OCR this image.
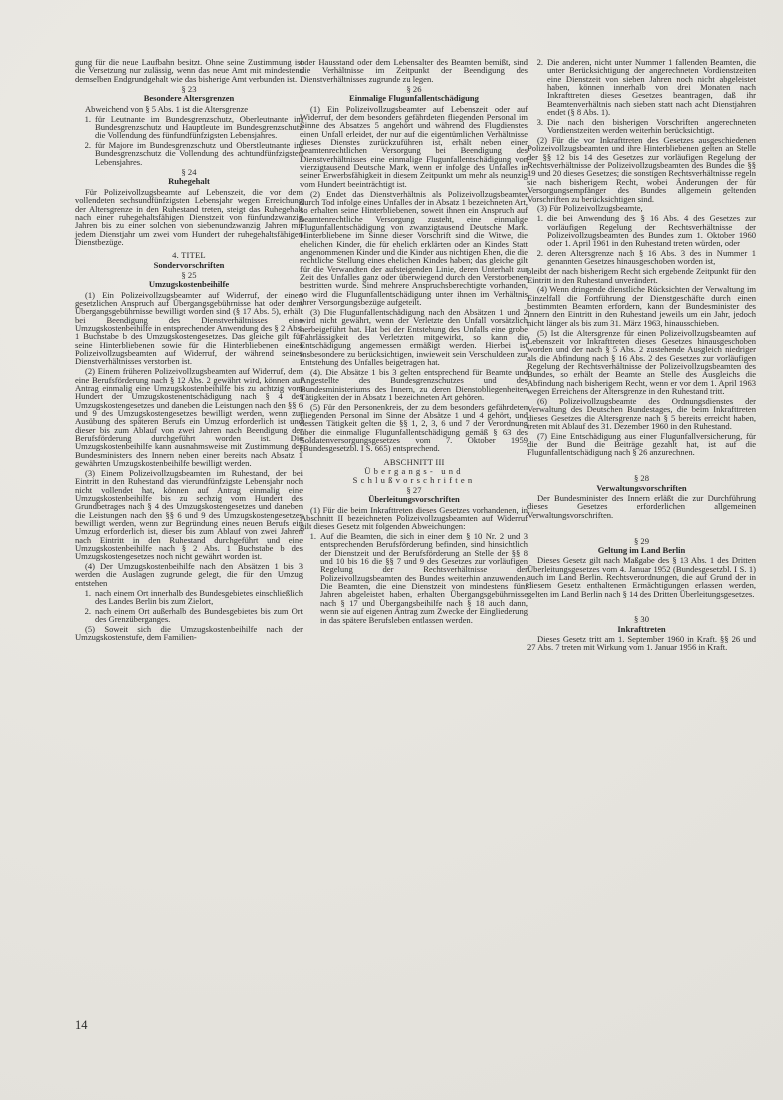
gung für die neue Laufbahn besitzt. Ohne seine Zustimmung ist die Versetzung nur zulässig, wenn das neue Amt mit mindestens demselben Endgrundgehalt wie das bisherige Amt verbunden ist.
§ 23
Besondere Altersgrenzen
Abweichend von § 5 Abs. 1 ist die Altersgrenze
1. für Leutnante im Bundesgrenzschutz, Oberleutnante im Bundesgrenzschutz und Hauptleute im Bundesgrenzschutz die Vollendung des fünfundfünfzigsten Lebensjahres.
2. für Majore im Bundesgrenzschutz und Oberstleutnante im Bundesgrenzschutz die Vollendung des achtundfünfzigsten Lebensjahres.
§ 24
Ruhegehalt
Für Polizeivollzugsbeamte auf Lebenszeit, die vor dem vollendeten sechsundfünfzigsten Lebensjahr wegen Erreichung der Altersgrenze in den Ruhestand treten, steigt das Ruhegehalt nach einer ruhegehaltsfähigen Dienstzeit von fünfundzwanzig Jahren bis zu einer solchen von siebenundzwanzig Jahren mit jedem Dienstjahr um zwei vom Hundert der ruhegehaltsfähigen Dienstbezüge.
4. TITEL
Sondervorschriften
§ 25
Umzugskostenbeihilfe
(1) Ein Polizeivollzugsbeamter auf Widerruf, der einen gesetzlichen Anspruch auf Übergangsgebührnisse hat oder dem Übergangsgebührnisse bewilligt worden sind (§ 17 Abs. 5), erhält bei Beendigung des Dienstverhältnisses eine Umzugskostenbeihilfe in entsprechender Anwendung des § 2 Abs. 1 Buchstabe b des Umzugskostengesetzes. Das gleiche gilt für seine Hinterbliebenen sowie für die Hinterbliebenen eines Polizeivollzugsbeamten auf Widerruf, der während seines Dienstverhältnisses verstorben ist.
(2) Einem früheren Polizeivollzugsbeamten auf Widerruf, dem eine Berufsförderung nach § 12 Abs. 2 gewährt wird, können auf Antrag einmalig eine Umzugskostenbeihilfe bis zu achtzig vom Hundert der Umzugskostenentschädigung nach § 4 des Umzugskostengesetzes und daneben die Leistungen nach den §§ 6 und 9 des Umzugskostengesetzes bewilligt werden, wenn zur Ausübung des späteren Berufs ein Umzug erforderlich ist und dieser bis zum Ablauf von zwei Jahren nach Beendigung der Berufsförderung durchgeführt worden ist. Die Umzugskostenbeihilfe kann ausnahmsweise mit Zustimmung des Bundesministers des Innern neben einer bereits nach Absatz 1 gewährten Umzugskostenbeihilfe bewilligt werden.
(3) Einem Polizeivollzugsbeamten im Ruhestand, der bei Eintritt in den Ruhestand das vierundfünfzigste Lebensjahr noch nicht vollendet hat, können auf Antrag einmalig eine Umzugskostenbeihilfe bis zu sechzig vom Hundert des Grundbetrages nach § 4 des Umzugskostengesetzes und daneben die Leistungen nach den §§ 6 und 9 des Umzugskostengesetzes bewilligt werden, wenn zur Begründung eines neuen Berufs ein Umzug erforderlich ist, dieser bis zum Ablauf von zwei Jahren nach Eintritt in den Ruhestand durchgeführt und eine Umzugskostenbeihilfe nach § 2 Abs. 1 Buchstabe b des Umzugskostengesetzes noch nicht gewährt worden ist.
(4) Der Umzugskostenbeihilfe nach den Absätzen 1 bis 3 werden die Auslagen zugrunde gelegt, die für den Umzug entstehen
1. nach einem Ort innerhalb des Bundesgebietes einschließlich des Landes Berlin bis zum Zielort,
2. nach einem Ort außerhalb des Bundesgebietes bis zum Ort des Grenzüberganges.
(5) Soweit sich die Umzugskostenbeihilfe nach der Umzugskostenstufe, dem Familien-
oder Hausstand oder dem Lebensalter des Beamten bemißt, sind die Verhältnisse im Zeitpunkt der Beendigung des Dienstverhältnisses zugrunde zu legen.
§ 26
Einmalige Flugunfallentschädigung
(1) Ein Polizeivollzugsbeamter auf Lebenszeit oder auf Widerruf, der dem besonders gefährdeten fliegenden Personal im Sinne des Absatzes 5 angehört und während des Flugdienstes einen Unfall erleidet, der nur auf die eigentümlichen Verhältnisse dieses Dienstes zurückzuführen ist, erhält neben einer beamtenrechtlichen Versorgung bei Beendigung des Dienstverhältnisses eine einmalige Flugunfallentschädigung von vierzigtausend Deutsche Mark, wenn er infolge des Unfalles in seiner Erwerbsfähigkeit in diesem Zeitpunkt um mehr als neunzig vom Hundert beeinträchtigt ist.
(2) Endet das Dienstverhältnis als Polizeivollzugsbeamter durch Tod infolge eines Unfalles der in Absatz 1 bezeichneten Art, so erhalten seine Hinterbliebenen, soweit ihnen ein Anspruch auf beamtenrechtliche Versorgung zusteht, eine einmalige Flugunfallentschädigung von zwanzigtausend Deutsche Mark. Hinterbliebene im Sinne dieser Vorschrift sind die Witwe, die ehelichen Kinder, die für ehelich erklärten oder an Kindes Statt angenommenen Kinder und die Kinder aus nichtigen Ehen, die die rechtliche Stellung eines ehelichen Kindes haben; das gleiche gilt für die Verwandten der aufsteigenden Linie, deren Unterhalt zur Zeit des Unfalles ganz oder überwiegend durch den Verstorbenen bestritten wurde. Sind mehrere Anspruchsberechtigte vorhanden, so wird die Flugunfallentschädigung unter ihnen im Verhältnis ihrer Versorgungsbezüge aufgeteilt.
(3) Die Flugunfallentschädigung nach den Absätzen 1 und 2 wird nicht gewährt, wenn der Verletzte den Unfall vorsätzlich herbeigeführt hat. Hat bei der Entstehung des Unfalls eine grobe Fahrlässigkeit des Verletzten mitgewirkt, so kann die Entschädigung angemessen ermäßigt werden. Hierbei ist insbesondere zu berücksichtigen, inwieweit sein Verschuldeen zur Entstehung des Unfalles beigetragen hat.
(4). Die Absätze 1 bis 3 gelten entsprechend für Beamte und Angestellte des Bundesgrenzschutzes und des Bundesministeriums des Innern, zu deren Dienstobliegenheiten Tätigkeiten der in Absatz 1 bezeichneten Art gehören.
(5) Für den Personenkreis, der zu dem besonders gefährdeten fliegenden Personal im Sinne der Absätze 1 und 4 gehört, und dessen Tätigkeit gelten die §§ 1, 2, 3, 6 und 7 der Verordnung über die einmalige Flugunfallentschädigung gemäß § 63 des Soldatenversorgungsgesetzes vom 7. Oktober 1959 (Bundesgesetzbl. I S. 665) entsprechend.
ABSCHNITT III
Übergangs- und
Schlußvorschriften
§ 27
Überleitungsvorschriften
(1) Für die beim Inkrafttreten dieses Gesetzes vorhandenen, in Abschnitt II bezeichneten Polizeivollzugsbeamten auf Widerruf gilt dieses Gesetz mit folgenden Abweichungen:
1. Auf die Beamten, die sich in einer dem § 10 Nr. 2 und 3 entsprechenden Berufsförderung befinden, sind hinsichtlich der Dienstzeit und der Berufsförderung an Stelle der §§ 8 und 10 bis 16 die §§ 7 und 9 des Gesetzes zur vorläufigen Regelung der Rechtsverhältnisse der Polizeivollzugsbeamten des Bundes weiterhin anzuwenden. Die Beamten, die eine Dienstzeit von mindestens fünf Jahren abgeleistet haben, erhalten Übergangsgebührnisse nach § 17 und Übergangsbeihilfe nach § 18 auch dann, wenn sie auf eigenen Antrag zum Zwecke der Eingliederung in das spätere Berufsleben entlassen werden.
2. Die anderen, nicht unter Nummer 1 fallenden Beamten, die unter Berücksichtigung der angerechneten Vordienstzeiten eine Dienstzeit von sieben Jahren noch nicht abgeleistet haben, können innerhalb von drei Monaten nach Inkrafttreten dieses Gesetzes beantragen, daß ihr Beamtenverhältnis nach sieben statt nach acht Dienstjahren endet (§ 8 Abs. 1).
3. Die nach den bisherigen Vorschriften angerechneten Vordienstzeiten werden weiterhin berücksichtigt.
(2) Für die vor Inkrafttreten des Gesetzes ausgeschiedenen Polizeivollzugsbeamten und ihre Hinterbliebenen gelten an Stelle der §§ 12 bis 14 des Gesetzes zur vorläufigen Regelung der Rechtsverhältnisse der Polizeivollzugsbeamten des Bundes die §§ 19 und 20 dieses Gesetzes; die sonstigen Rechtsverhältnisse regeln sie nach bisherigem Recht, wobei Änderungen der für Versorgungsempfänger des Bundes allgemein geltenden Vorschriften zu berücksichtigen sind.
(3) Für Polizeivollzugsbeamte,
1. die bei Anwendung des § 16 Abs. 4 des Gesetzes zur vorläufigen Regelung der Rechtsverhältnisse der Polizeivollzugsbeamten des Bundes zum 1. Oktober 1960 oder 1. April 1961 in den Ruhestand treten würden, oder
2. deren Altersgrenze nach § 16 Abs. 3 des in Nummer 1 genannten Gesetzes hinausgeschoben worden ist,
bleibt der nach bisherigem Recht sich ergebende Zeitpunkt für den Eintritt in den Ruhestand unverändert.
(4) Wenn dringende dienstliche Rücksichten der Verwaltung im Einzelfall die Fortführung der Dienstgeschäfte durch einen bestimmten Beamten erfordern, kann der Bundesminister des Innern den Eintritt in den Ruhestand jeweils um ein Jahr, jedoch nicht länger als bis zum 31. März 1963, hinausschieben.
(5) Ist die Altersgrenze für einen Polizeivollzugsbeamten auf Lebenszeit vor Inkrafttreten dieses Gesetzes hinausgeschoben worden und der nach § 5 Abs. 2 zustehende Ausgleich niedriger als die Abfindung nach § 16 Abs. 2 des Gesetzes zur vorläufigen Regelung der Rechtsverhältnisse der Polizeivollzugsbeamten des Bundes, so erhält der Beamte an Stelle des Ausgleichs die Abfindung nach bisherigem Recht, wenn er vor dem 1. April 1963 wegen Erreichens der Altersgrenze in den Ruhestand tritt.
(6) Polizeivollzugsbeamte des Ordnungsdienstes der Verwaltung des Deutschen Bundestages, die beim Inkrafttreten dieses Gesetzes die Altersgrenze nach § 5 bereits erreicht haben, treten mit Ablauf des 31. Dezember 1960 in den Ruhestand.
(7) Eine Entschädigung aus einer Flugunfallversicherung, für die der Bund die Beiträge gezahlt hat, ist auf die Flugunfallentschädigung nach § 26 anzurechnen.
§ 28
Verwaltungsvorschriften
Der Bundesminister des Innern erläßt die zur Durchführung dieses Gesetzes erforderlichen allgemeinen Verwaltungsvorschriften.
§ 29
Geltung im Land Berlin
Dieses Gesetz gilt nach Maßgabe des § 13 Abs. 1 des Dritten Überleitungsgesetzes vom 4. Januar 1952 (Bundesgesetzbl. I S. 1) auch im Land Berlin. Rechtsverordnungen, die auf Grund der in diesem Gesetz enthaltenen Ermächtigungen erlassen werden, gelten im Land Berlin nach § 14 des Dritten Überleitungsgesetzes.
§ 30
Inkrafttreten
Dieses Gesetz tritt am 1. September 1960 in Kraft. §§ 26 und 27 Abs. 7 treten mit Wirkung vom 1. Januar 1956 in Kraft.
14
